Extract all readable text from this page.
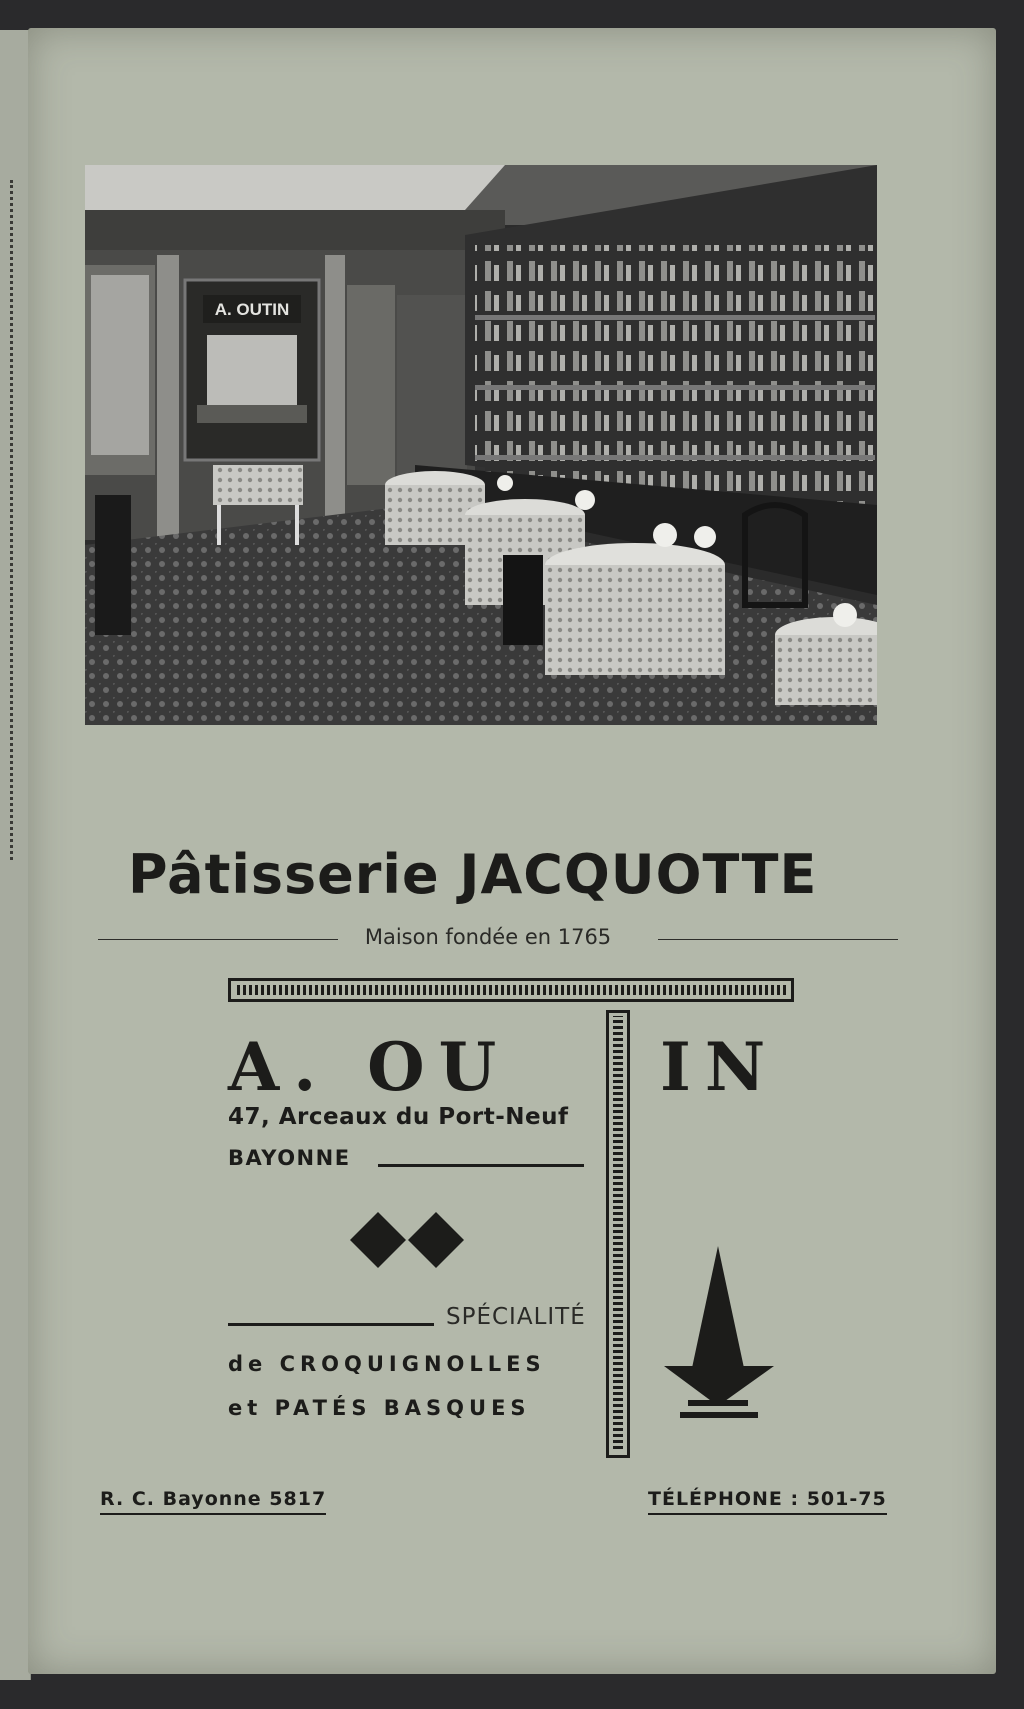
A. OUTIN
Pâtisserie JACQUOTTE
Maison fondée en 1765
A. OU IN
47, Arceaux du Port-Neuf
BAYONNE
SPÉCIALITÉ
de CROQUIGNOLLES
et PATÉS BASQUES
R. C. Bayonne 5817	TÉLÉPHONE : 501-75
